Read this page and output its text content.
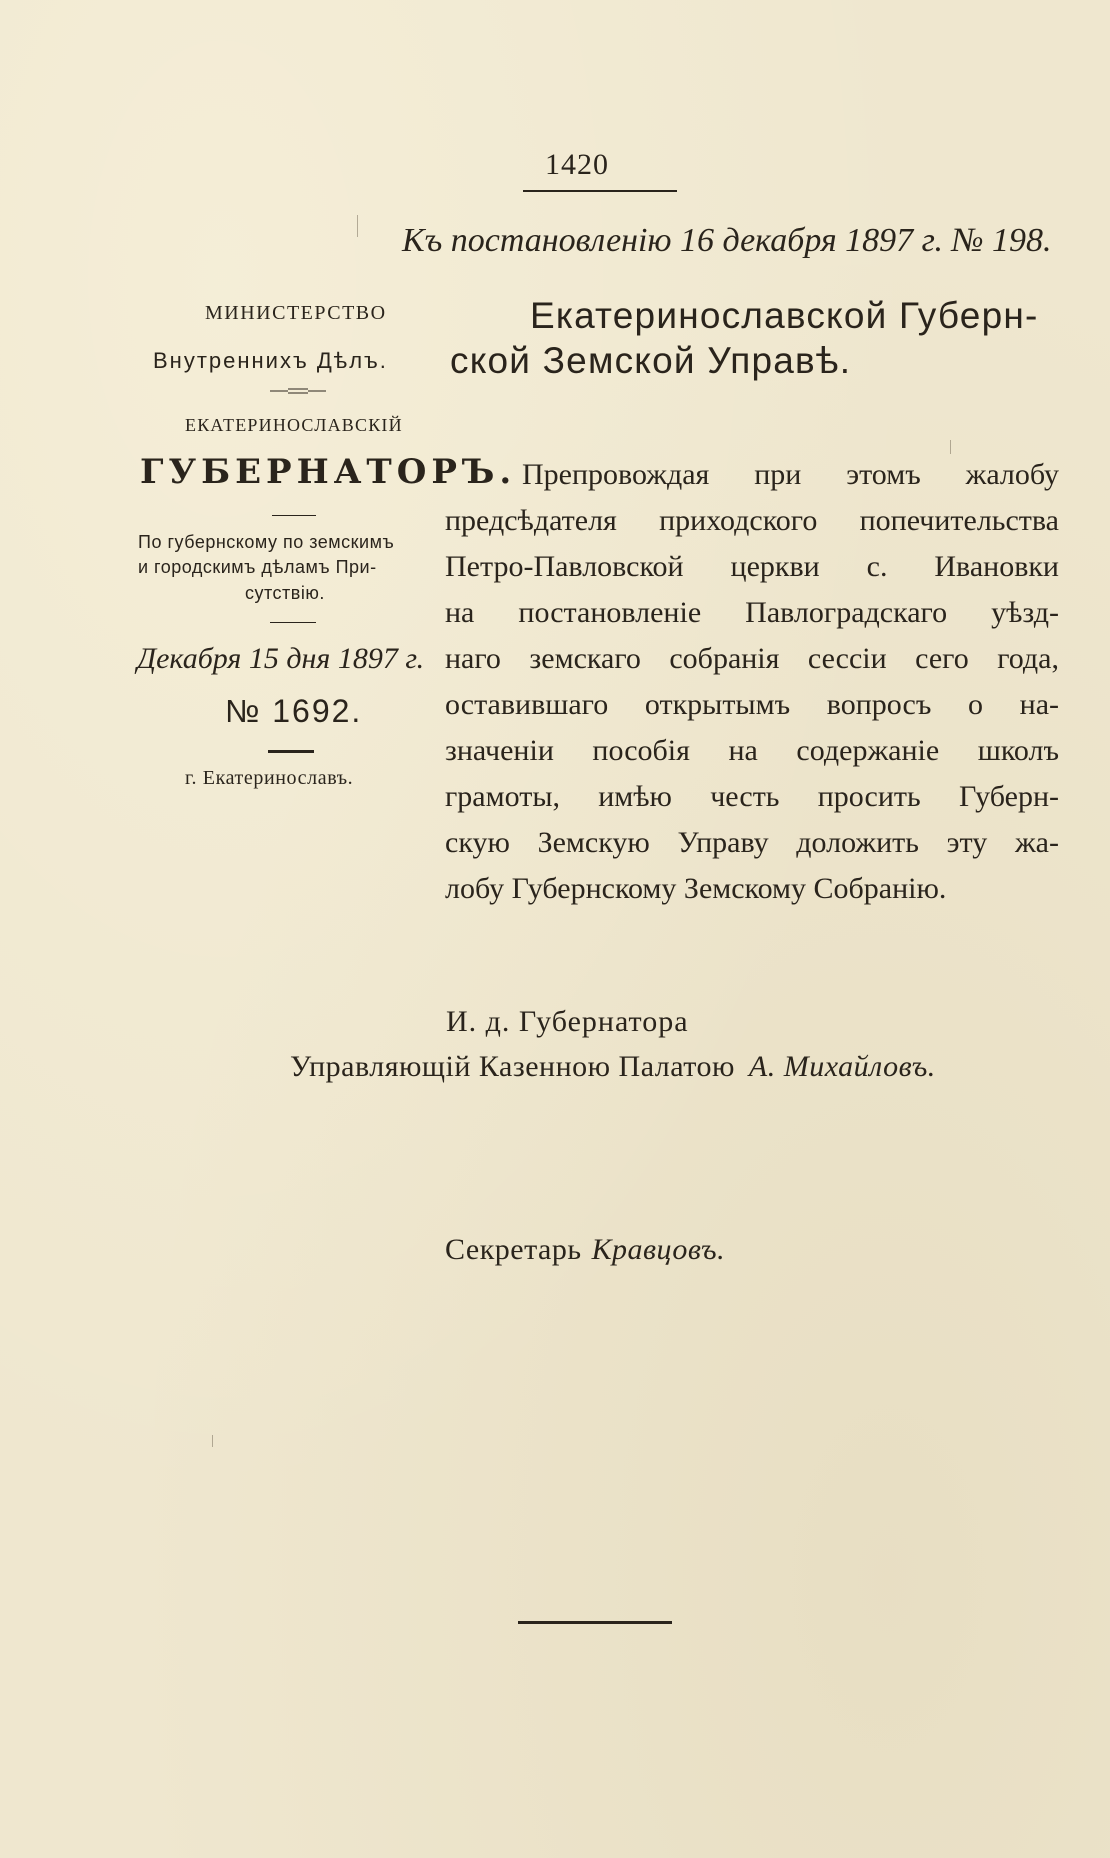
1420
Къ постановленію 16 декабря 1897 г. № 198.
МИНИСТЕРСТВО
Внутреннихъ Дѣлъ.
ЕКАТЕРИНОСЛАВСКІЙ
ГУБЕРНАТОРЪ.
По губернскому по земскимъ
и городскимъ дѣламъ При-
сутствію.
Декабря 15 дня 1897 г.
№ 1692.
г. Екатеринославъ.
Екатеринославской Губерн-
ской Земской Управѣ.
Препровождая при этомъ жалобу
предсѣдателя приходского попечительства
Петро-Павловской церкви с. Ивановки
на постановленіе Павлоградскаго уѣзд-
наго земскаго собранія сессіи сего года,
оставившаго открытымъ вопросъ о на-
значеніи пособія на содержаніе школъ
грамоты, имѣю честь просить Губерн-
скую Земскую Управу доложить эту жа-
лобу Губернскому Земскому Собранію.
И. д. Губернатора
Управляющій Казенною Палатою А. Михайловъ.
Секретарь Кравцовъ.
